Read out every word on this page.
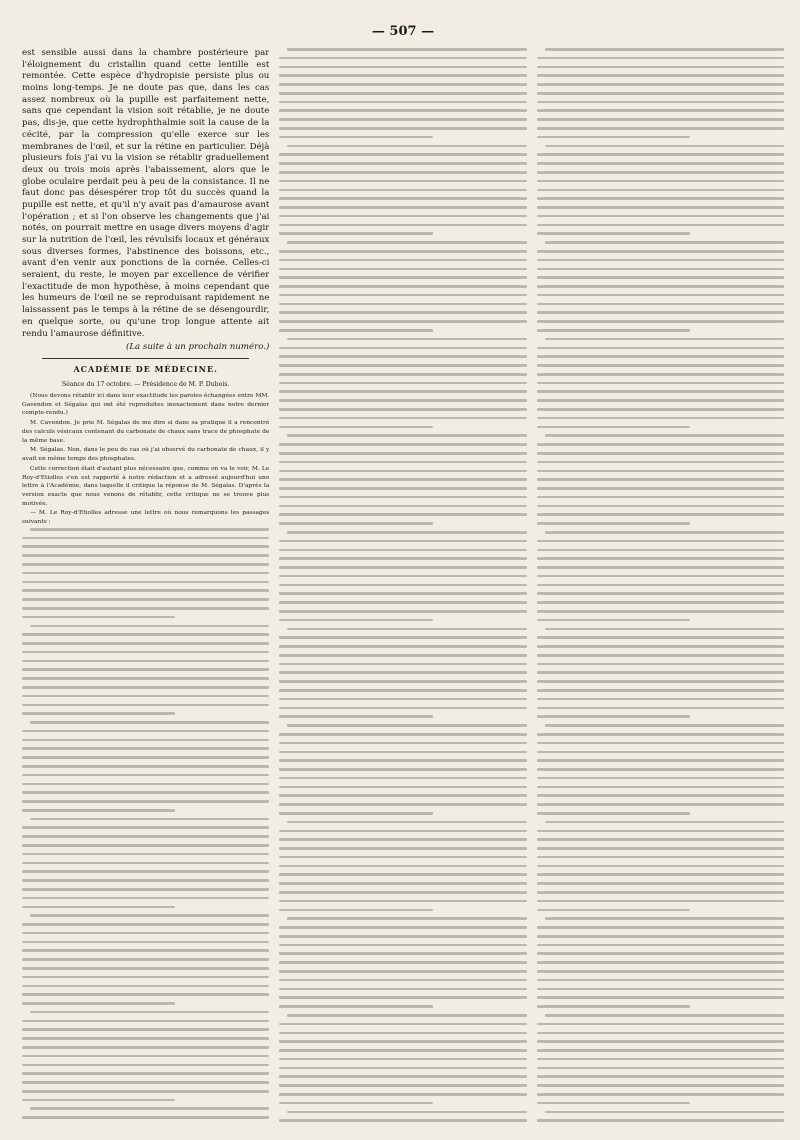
— 507 —

est sensible aussi dans la chambre postérieure par l'éloignement du cristallin quand cette lentille est remontée. Cette espèce d'hydropisie persiste plus ou moins long-temps. Je ne doute pas que, dans les cas assez nombreux où la pupille est parfaitement nette, sans que cependant la vision soit rétablie, je ne doute pas, dis-je, que cette hydrophthalmie soit la cause de la cécité, par la compression qu'elle exerce sur les membranes de l'œil, et sur la rétine en particulier. Déjà plusieurs fois j'ai vu la vision se rétablir graduellement deux ou trois mois après l'abaissement, alors que le globe oculaire perdait peu à peu de la consistance. Il ne faut donc pas désespérer trop tôt du succès quand la pupille est nette, et qu'il n'y avait pas d'amaurose avant l'opération ; et si l'on observe les changements que j'ai notés, on pourrait mettre en usage divers moyens d'agir sur la nutrition de l'œil, les révulsifs locaux et généraux sous diverses formes, l'abstinence des boissons, etc., avant d'en venir aux ponctions de la cornée. Celles-ci seraient, du reste, le moyen par excellence de vérifier l'exactitude de mon hypothèse, à moins cependant que les humeurs de l'œil ne se reproduisant rapidement ne laissassent pas le temps à la rétine de se désengourdir, en quelque sorte, ou qu'une trop longue attente ait rendu l'amaurose définitive.

(La suite à un prochain numéro.)

ACADÉMIE DE MÉDECINE.
Séance du 17 octobre. — Présidence de M. P. Dubois.

(Nous devons rétablir ici dans leur exactitude les paroles échangées entre MM. Gavendon et Ségalas qui ont été reproduites inexactement dans notre dernier compte-rendu.)

M. Cavendon. Je prie M. Ségalas de me dire si dans sa pratique il a rencontré des calculs vésicaux contenant du carbonate de chaux sans trace de phosphate de la même base.

M. Ségalas. Non, dans le peu de cas où j'ai observé du carbonate de chaux, il y avait en même temps des phosphates.

Cette correction était d'autant plus nécessaire que, comme on va le voir, M. Le Roy-d'Etiolles s'en est rapporté à notre rédaction et a adressé aujourd'hui une lettre à l'Académie, dans laquelle il critique la réponse de M. Ségalas. D'après la version exacte que nous venons de rétablir, cette critique ne se trouve plus motivée.

— M. Le Roy-d'Etiolles adresse une lettre où nous remarquons les passages suivants :
